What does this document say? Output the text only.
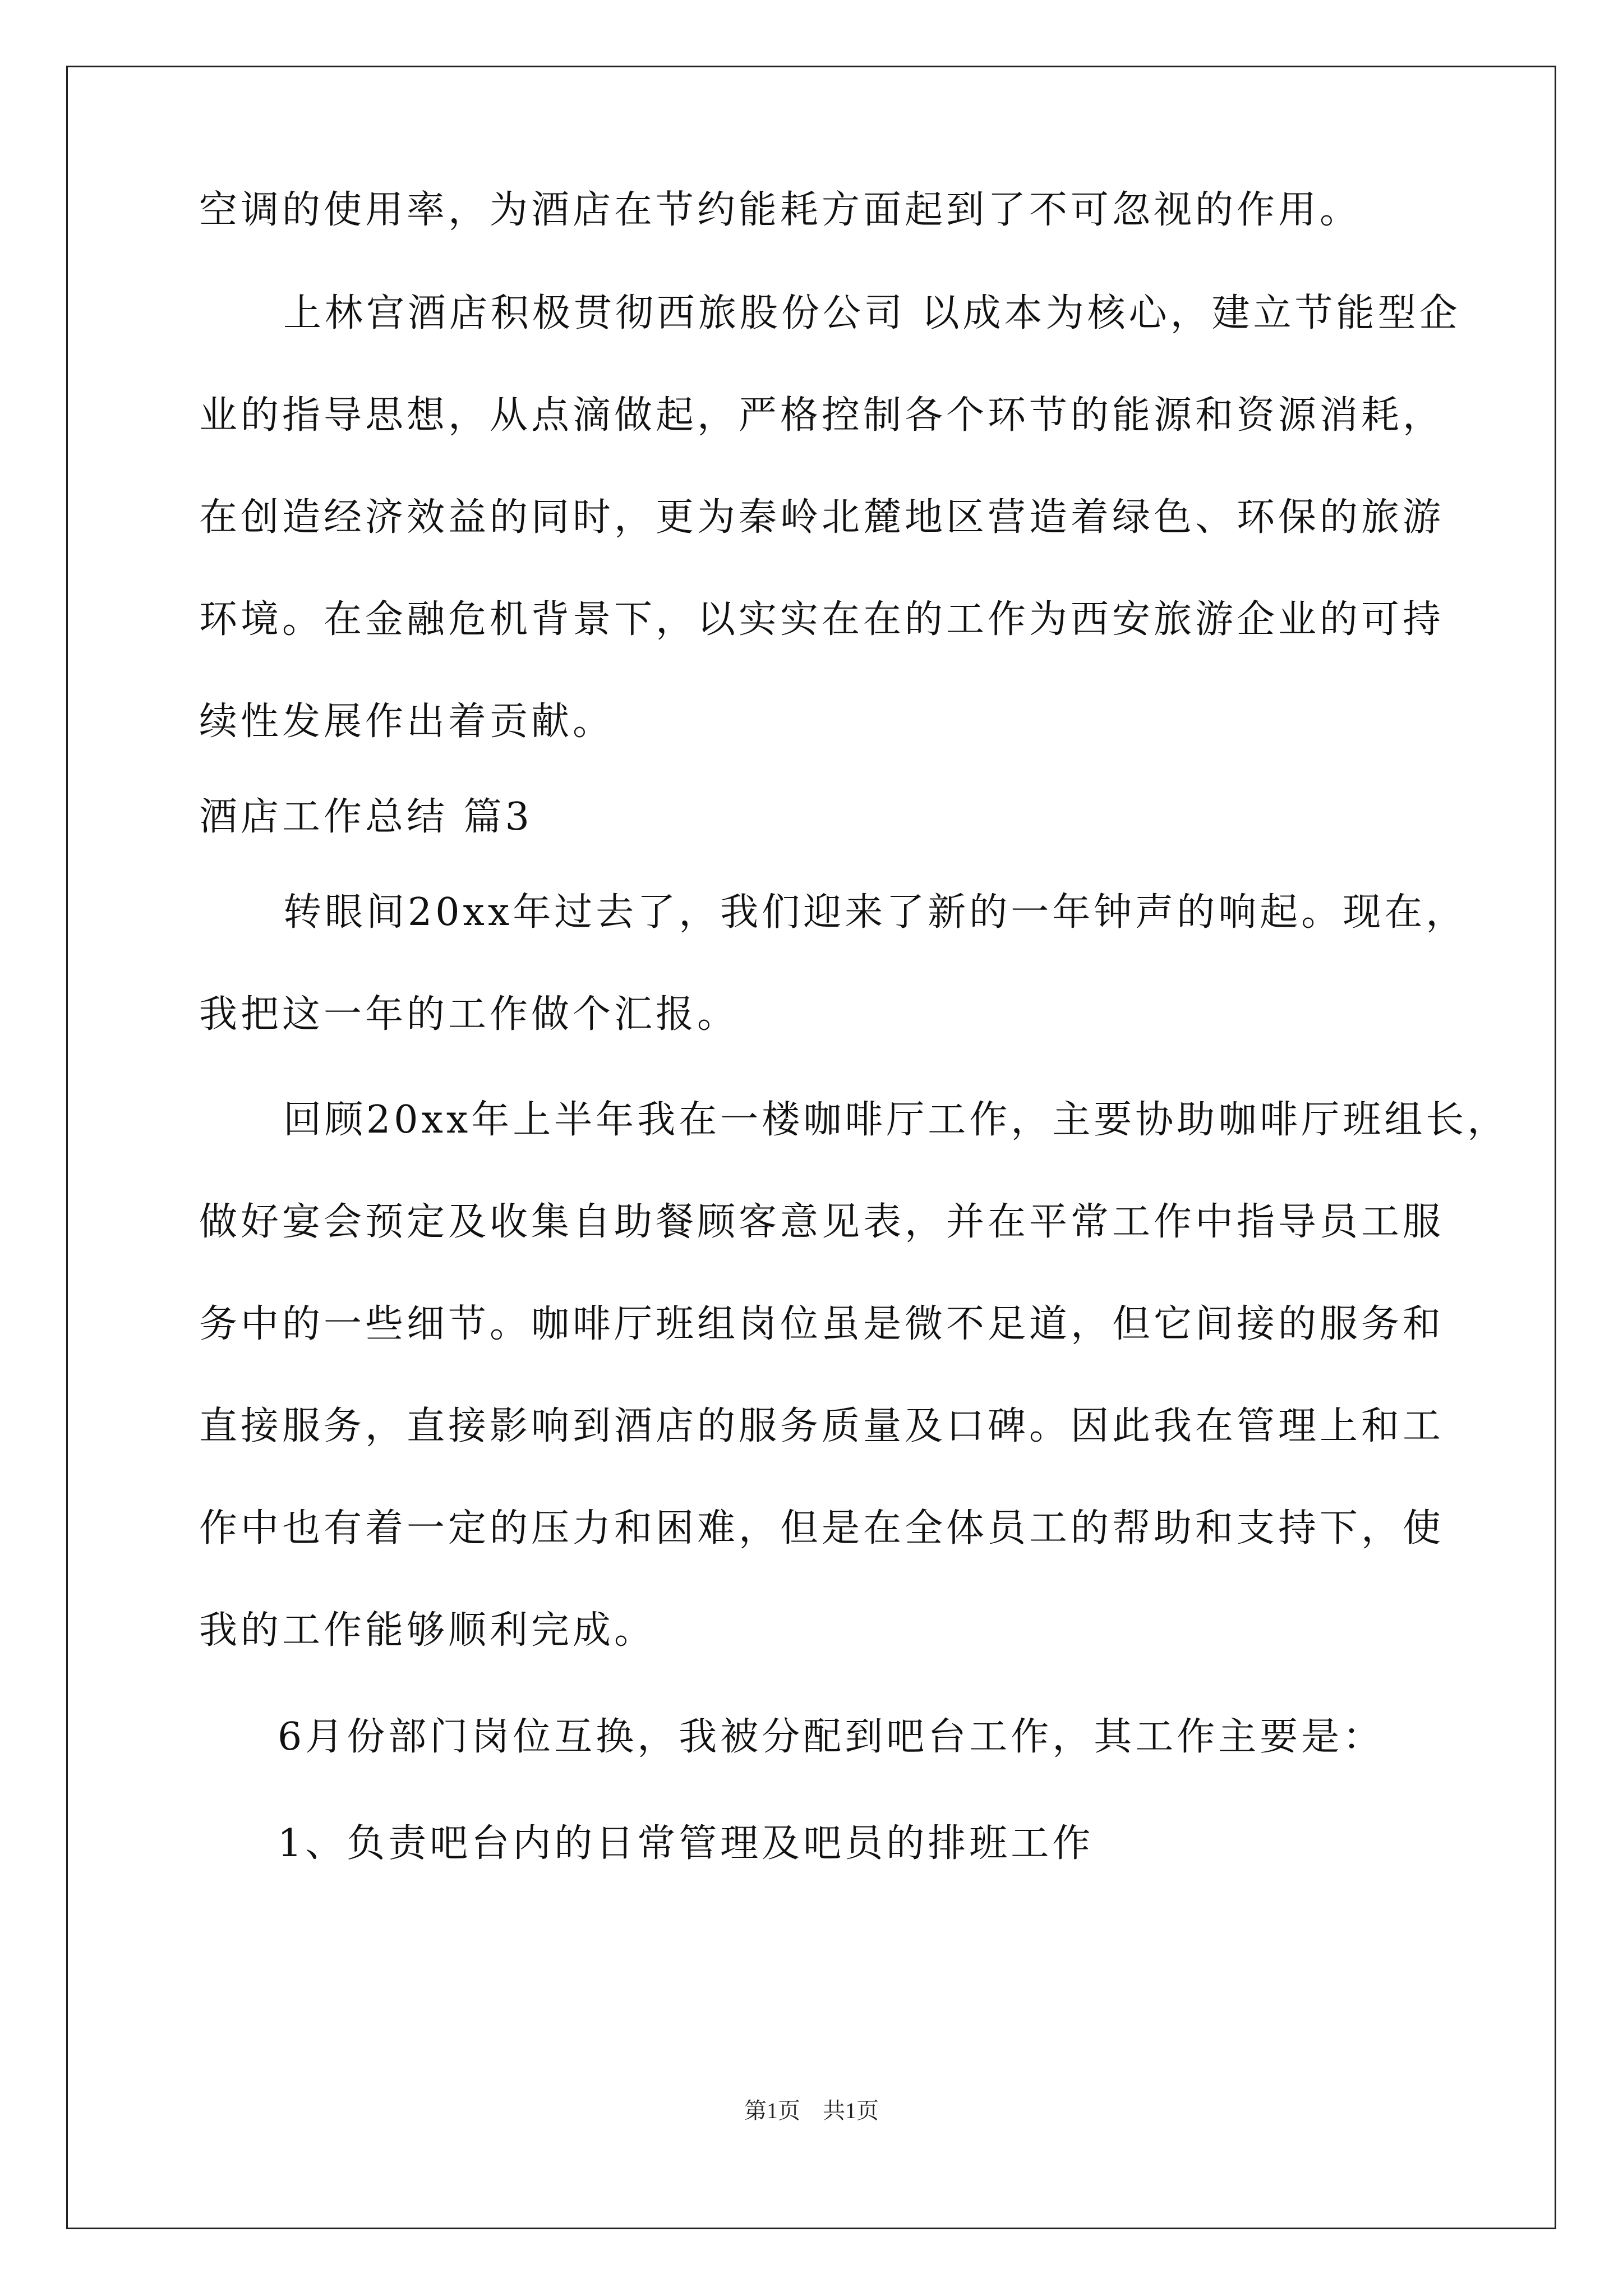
空调的使用率，为酒店在节约能耗方面起到了不可忽视的作用。
上林宫酒店积极贯彻西旅股份公司 以成本为核心，建立节能型企
业的指导思想，从点滴做起，严格控制各个环节的能源和资源消耗，
在创造经济效益的同时，更为秦岭北麓地区营造着绿色、环保的旅游
环境。在金融危机背景下，以实实在在的工作为西安旅游企业的可持
续性发展作出着贡献。
酒店工作总结 篇3
转眼间20xx年过去了，我们迎来了新的一年钟声的响起。现在，
我把这一年的工作做个汇报。
回顾20xx年上半年我在一楼咖啡厅工作，主要协助咖啡厅班组长，
做好宴会预定及收集自助餐顾客意见表，并在平常工作中指导员工服
务中的一些细节。咖啡厅班组岗位虽是微不足道，但它间接的服务和
直接服务，直接影响到酒店的服务质量及口碑。因此我在管理上和工
作中也有着一定的压力和困难，但是在全体员工的帮助和支持下，使
我的工作能够顺利完成。
6月份部门岗位互换，我被分配到吧台工作，其工作主要是：
1、负责吧台内的日常管理及吧员的排班工作
第1页　共1页
